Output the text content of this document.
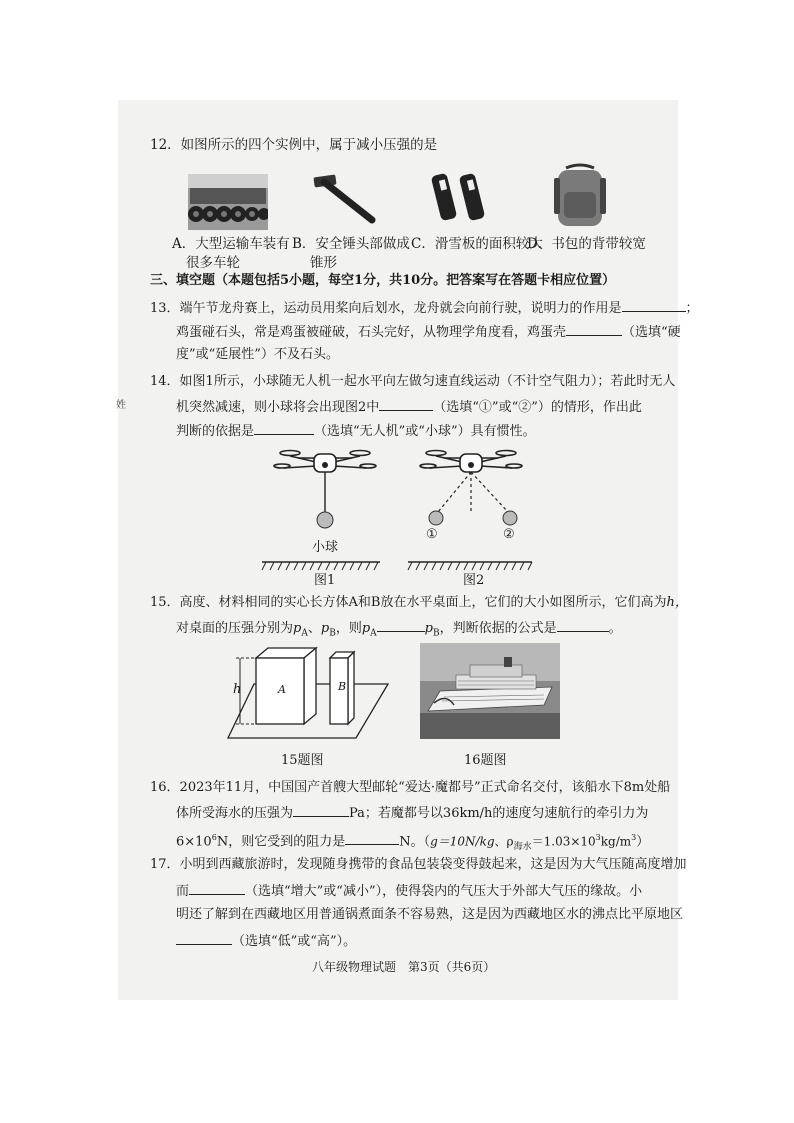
姓
12．如图所示的四个实例中，属于减小压强的是
A．大型运输车装有
很多车轮
B．安全锤头部做成
锥形
C．滑雪板的面积较大
D．书包的背带较宽
三、填空题（本题包括5小题，每空1分，共10分。把答案写在答题卡相应位置）
13．端午节龙舟赛上，运动员用桨向后划水，龙舟就会向前行驶，说明力的作用是	；
鸡蛋碰石头，常是鸡蛋被碰破，石头完好，从物理学角度看，鸡蛋壳	（选填“硬
度”或“延展性”）不及石头。
14．如图1所示，小球随无人机一起水平向左做匀速直线运动（不计空气阻力）；若此时无人
机突然减速，则小球将会出现图2中	（选填“①”或“②”）的情形，作出此
判断的依据是	（选填“无人机”或“小球”）具有惯性。
小球
图1
①	②
图2
15．高度、材料相同的实心长方体A和B放在水平桌面上，它们的大小如图所示，它们高为h，
对桌面的压强分别为$p_A$、$p_B$，则$p_A$	$p_B$，判断依据的公式是	。
h	A	B
15题图	16题图
16．2023年11月，中国国产首艘大型邮轮“爱达·魔都号”正式命名交付，该船水下8m处船
体所受海水的压强为	Pa；若魔都号以36km/h的速度匀速航行的牵引力为
$6\times 10^6N$，则它受到的阻力是	N。（g＝10N/kg、$\rho_{海水}=1.03\times 10^3kg/m^3$）
17．小明到西藏旅游时，发现随身携带的食品包装袋变得鼓起来，这是因为大气压随高度增加
而	（选填“增大”或“减小”），使得袋内的气压大于外部大气压的缘故。小
明还了解到在西藏地区用普通锅煮面条不容易熟，这是因为西藏地区水的沸点比平原地区
（选填“低”或“高”）。
八年级物理试题　第3页（共6页）
